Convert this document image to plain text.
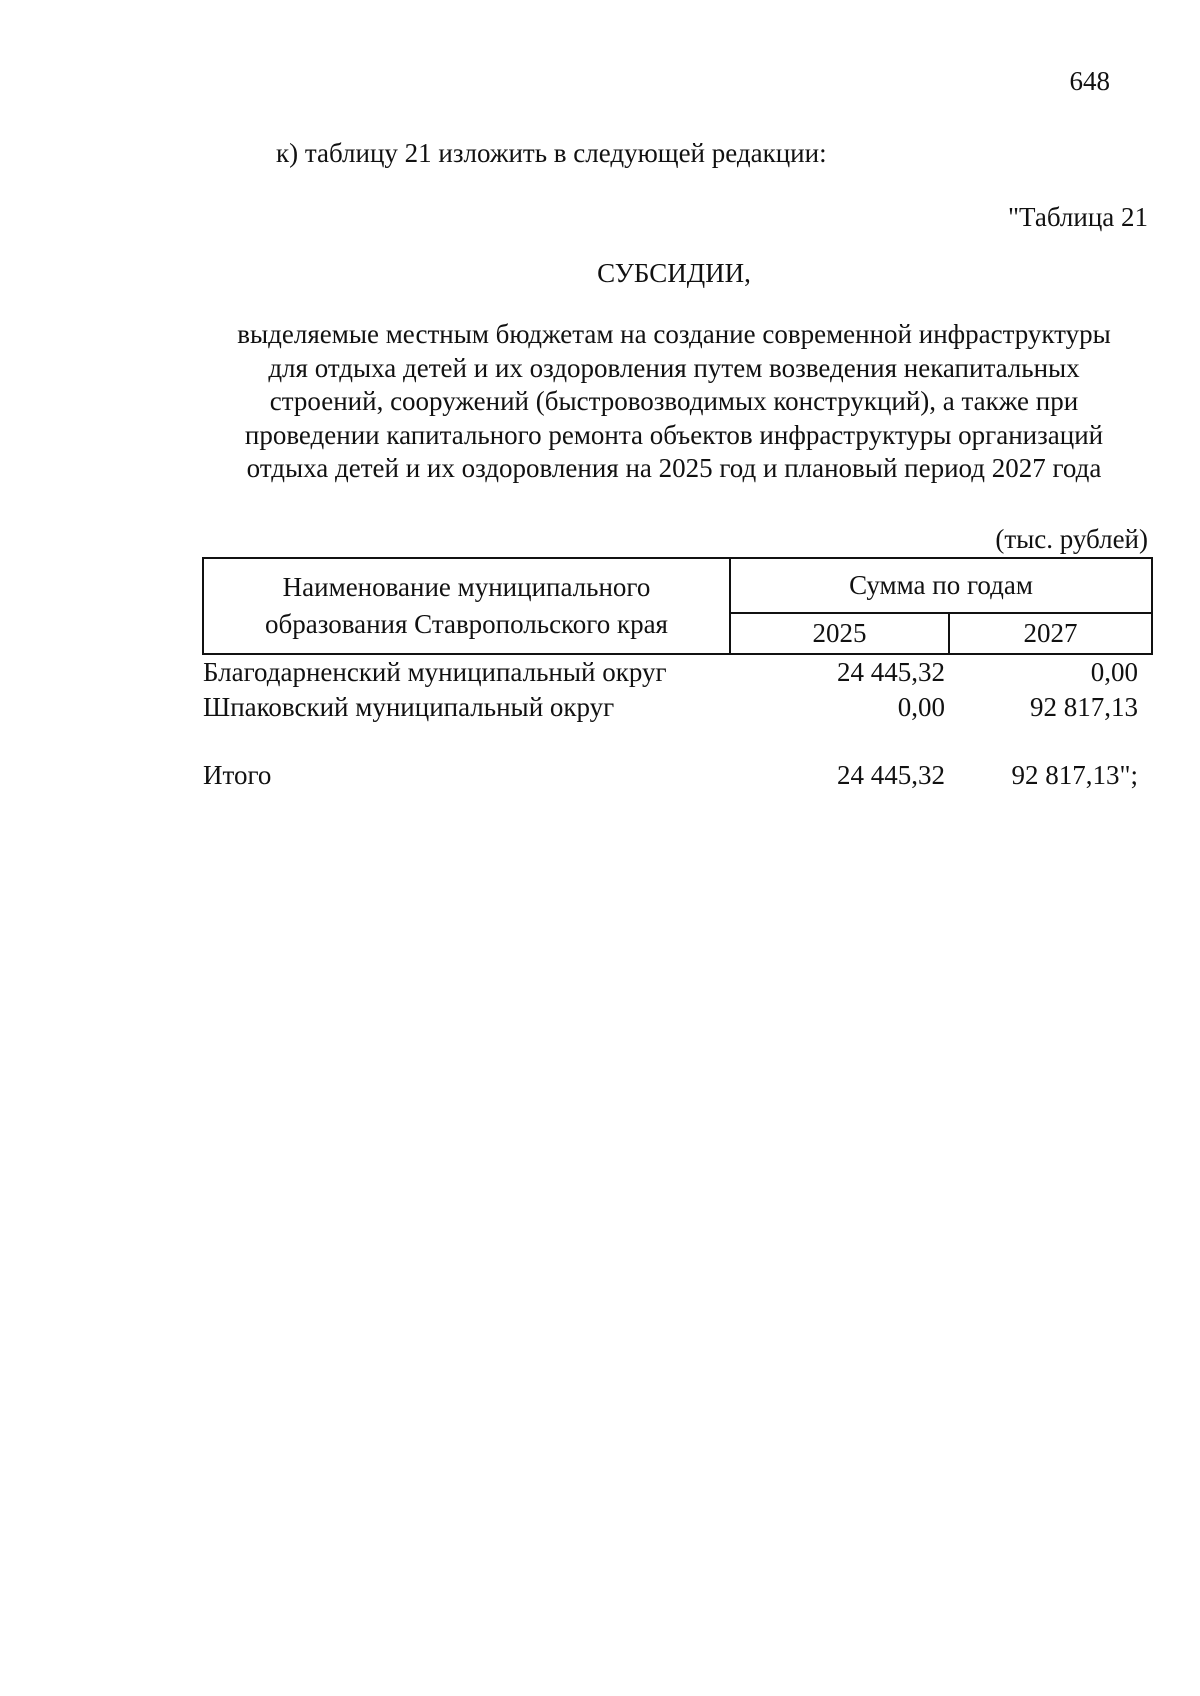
648
к) таблицу 21 изложить в следующей редакции:
"Таблица 21
СУБСИДИИ,
выделяемые местным бюджетам на создание современной инфраструктуры
для отдыха детей и их оздоровления путем возведения некапитальных
строений, сооружений (быстровозводимых конструкций), а также при
проведении капитального ремонта объектов инфраструктуры организаций
отдыха детей и их оздоровления на 2025 год и плановый период 2027 года
(тыс. рублей)
Наименование муниципального
образования Ставропольского края	Сумма по годам	
	2025	2027
Благодарненский муниципальный округ	24 445,32	0,00
Шпаковский муниципальный округ	0,00	92 817,13

Итого	24 445,32	92 817,13";
